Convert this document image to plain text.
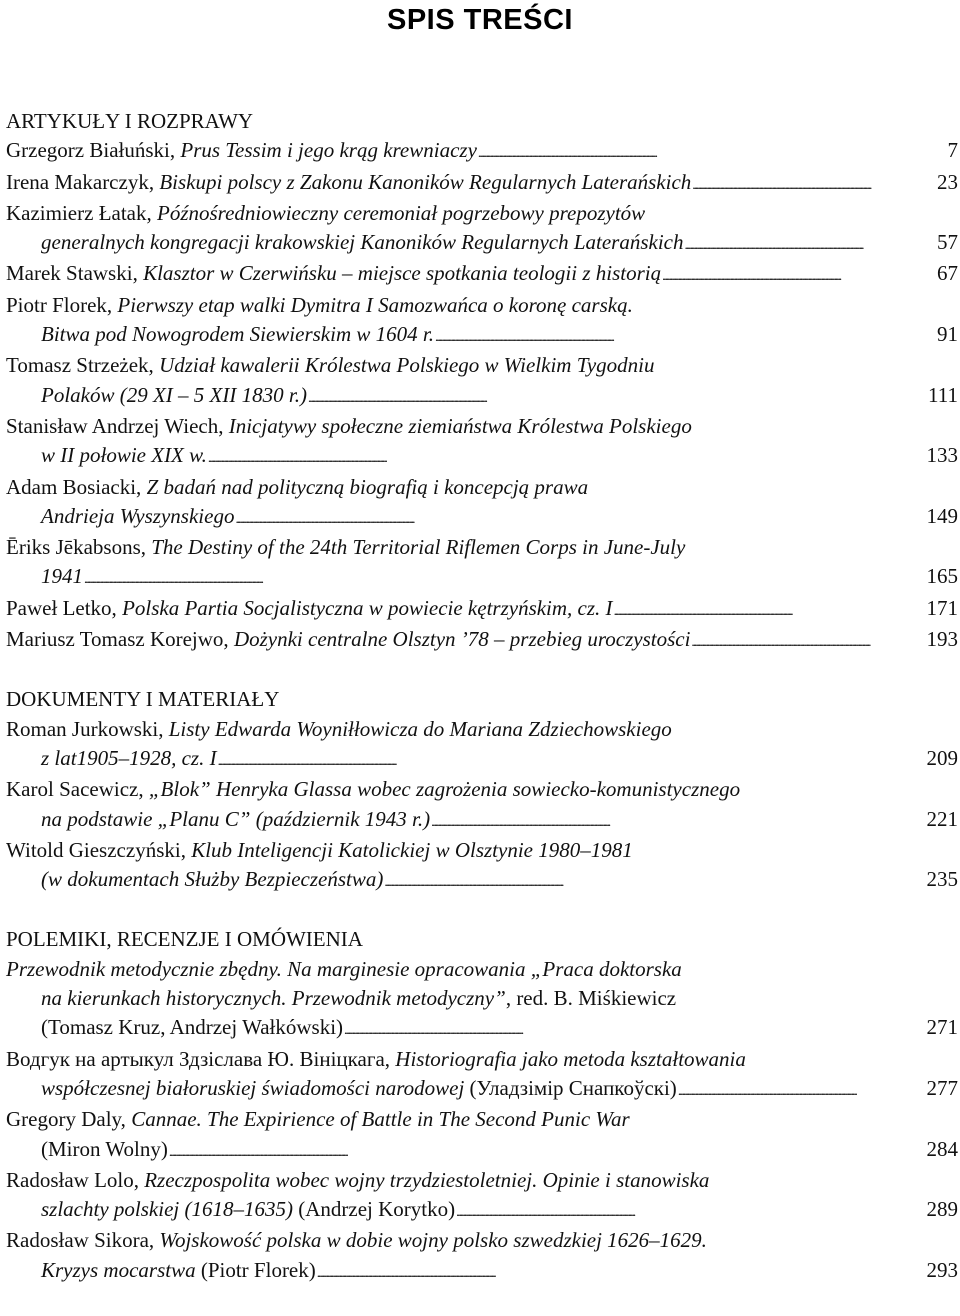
SPIS TREŚCI
ARTYKUŁY I ROZPRAWY
Grzegorz Białuński, Prus Tessim i jego krąg krewniaczy . . .	7
Irena Makarczyk, Biskupi polscy z Zakonu Kanoników Regularnych Laterańskich . . .	23
Kazimierz Łatak, Późnośredniowieczny ceremoniał pogrzebowy prepozytów
generalnych kongregacji krakowskiej Kanoników Regularnych Laterańskich . . .	57
Marek Stawski, Klasztor w Czerwińsku – miejsce spotkania teologii z historią . . .	67
Piotr Florek, Pierwszy etap walki Dymitra I Samozwańca o koronę carską.
Bitwa pod Nowogrodem Siewierskim w 1604 r. . . .	91
Tomasz Strzeżek, Udział kawalerii Królestwa Polskiego w Wielkim Tygodniu
Polaków (29 XI – 5 XII 1830 r.) . . .	111
Stanisław Andrzej Wiech, Inicjatywy społeczne ziemiaństwa Królestwa Polskiego
w II połowie XIX w. . . .	133
Adam Bosiacki, Z badań nad polityczną biografią i koncepcją prawa
Andrieja Wyszynskiego . . .	149
Ēriks Jēkabsons, The Destiny of the 24th Territorial Riflemen Corps in June-July
1941 . . .	165
Paweł Letko, Polska Partia Socjalistyczna w powiecie kętrzyńskim, cz. I . . .	171
Mariusz Tomasz Korejwo, Dożynki centralne Olsztyn ’78 – przebieg uroczystości . . .	193
DOKUMENTY I MATERIAŁY
Roman Jurkowski, Listy Edwarda Woyniłłowicza do Mariana Zdziechowskiego
z lat1905–1928, cz. I . . .	209
Karol Sacewicz, „Blok” Henryka Glassa wobec zagrożenia sowiecko-komunistycznego
na podstawie „Planu C” (październik 1943 r.) . . .	221
Witold Gieszczyński, Klub Inteligencji Katolickiej w Olsztynie 1980–1981
(w dokumentach Służby Bezpieczeństwa) . . .	235
POLEMIKI, RECENZJE I OMÓWIENIA
Przewodnik metodycznie zbędny. Na marginesie opracowania „Praca doktorska
na kierunkach historycznych. Przewodnik metodyczny”, red. B. Miśkiewicz
(Tomasz Kruz, Andrzej Wałkówski) . . .	271
Водгук на артыкул Здзіслава Ю. Вiнiцкага, Historiografia jako metoda kształtowania
współczesnej białoruskiej świadomości narodowej (Уладзімір Снапкоўскі) . . .	277
Gregory Daly, Cannae. The Expirience of Battle in The Second Punic War
(Miron Wolny) . . .	284
Radosław Lolo, Rzeczpospolita wobec wojny trzydziestoletniej. Opinie i stanowiska
szlachty polskiej (1618–1635) (Andrzej Korytko) . . .	289
Radosław Sikora, Wojskowość polska w dobie wojny polsko szwedzkiej 1626–1629.
Kryzys mocarstwa (Piotr Florek) . . .	293
